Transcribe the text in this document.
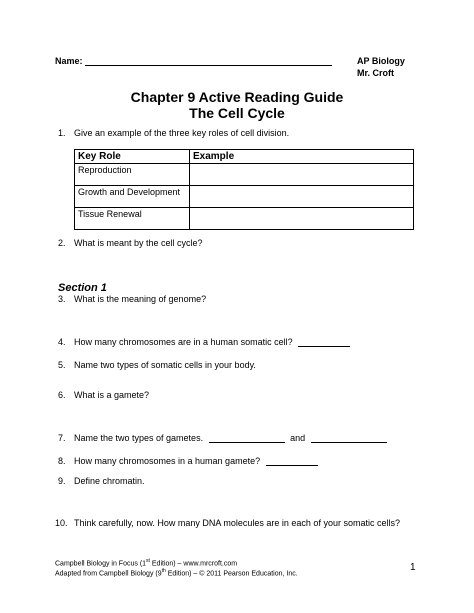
Name:	AP Biology
Mr. Croft
Chapter 9 Active Reading Guide
The Cell Cycle
1. Give an example of the three key roles of cell division.
Key Role	Example
Reproduction	
Growth and Development	
Tissue Renewal	
2. What is meant by the cell cycle?
Section 1
3. What is the meaning of genome?
4. How many chromosomes are in a human somatic cell?
5. Name two types of somatic cells in your body.
6. What is a gamete?
7. Name the two types of gametes.	and
8. How many chromosomes in a human gamete?
9. Define chromatin.
10. Think carefully, now. How many DNA molecules are in each of your somatic cells?
Campbell Biology in Focus (1st Edition) – www.mrcroft.com
Adapted from Campbell Biology (9th Edition) – © 2011 Pearson Education, Inc.
1
